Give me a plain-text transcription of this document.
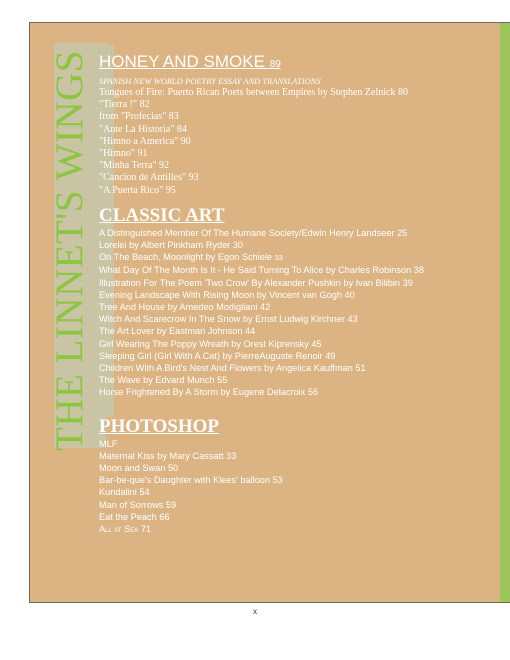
THE LINNET'S WINGS HONEY AND SMOKE 89
SPANISH NEW WORLD POETRY ESSAY AND TRANSLATIONS
Tongues of Fire: Puerto Rican Poets between Empires by Stephen Zelnick 80
"Tierra !" 82
from "Profecias" 83
"Ante La Historia" 84
"Himno a America" 90
"Himno" 91
"Minha Terra" 92
"Cancion de Antilles" 93
"A Puerta Rico" 95
CLASSIC ART
A Distinguished Member Of The Humane Society/Edwin Henry Landseer 25
Lorelei by Albert Pinkham Ryder 30
On The Beach, Moonlight by Egon Schiele 33
What Day Of The Month Is It - He Said Turning To Alice by Charles Robinson 38
Illustration For The Poem 'Two Crow' By Alexander Pushkin by Ivan Bilibin 39
Evening Landscape With Rising Moon by Vincent van Gogh 40
Tree And House by Amedeo Modigliani 42
Witch And Scarecrow In The Snow by Ernst Ludwig Kirchner 43
The Art Lover by Eastman Johnson 44
Girl Wearing The Poppy Wreath by Orest Kiprensky 45
Sleeping Girl (Girl With A Cat) by PierreAuguste Renoir 49
Children With A Bird's Nest And Flowers by Angelica Kauffman 51
The Wave by Edvard Munch 55
Horse Frightened By A Storm by Eugene Delacroix 56
PHOTOSHOP
MLF
Maternal Kiss by Mary Cassatt 33
Moon and Swan 50
Bar-be-que's Daughter with Klees' balloon 53
Kundalini 54
Man of Sorrows 59
Eat the Peach 66
All at Sea 71
x
